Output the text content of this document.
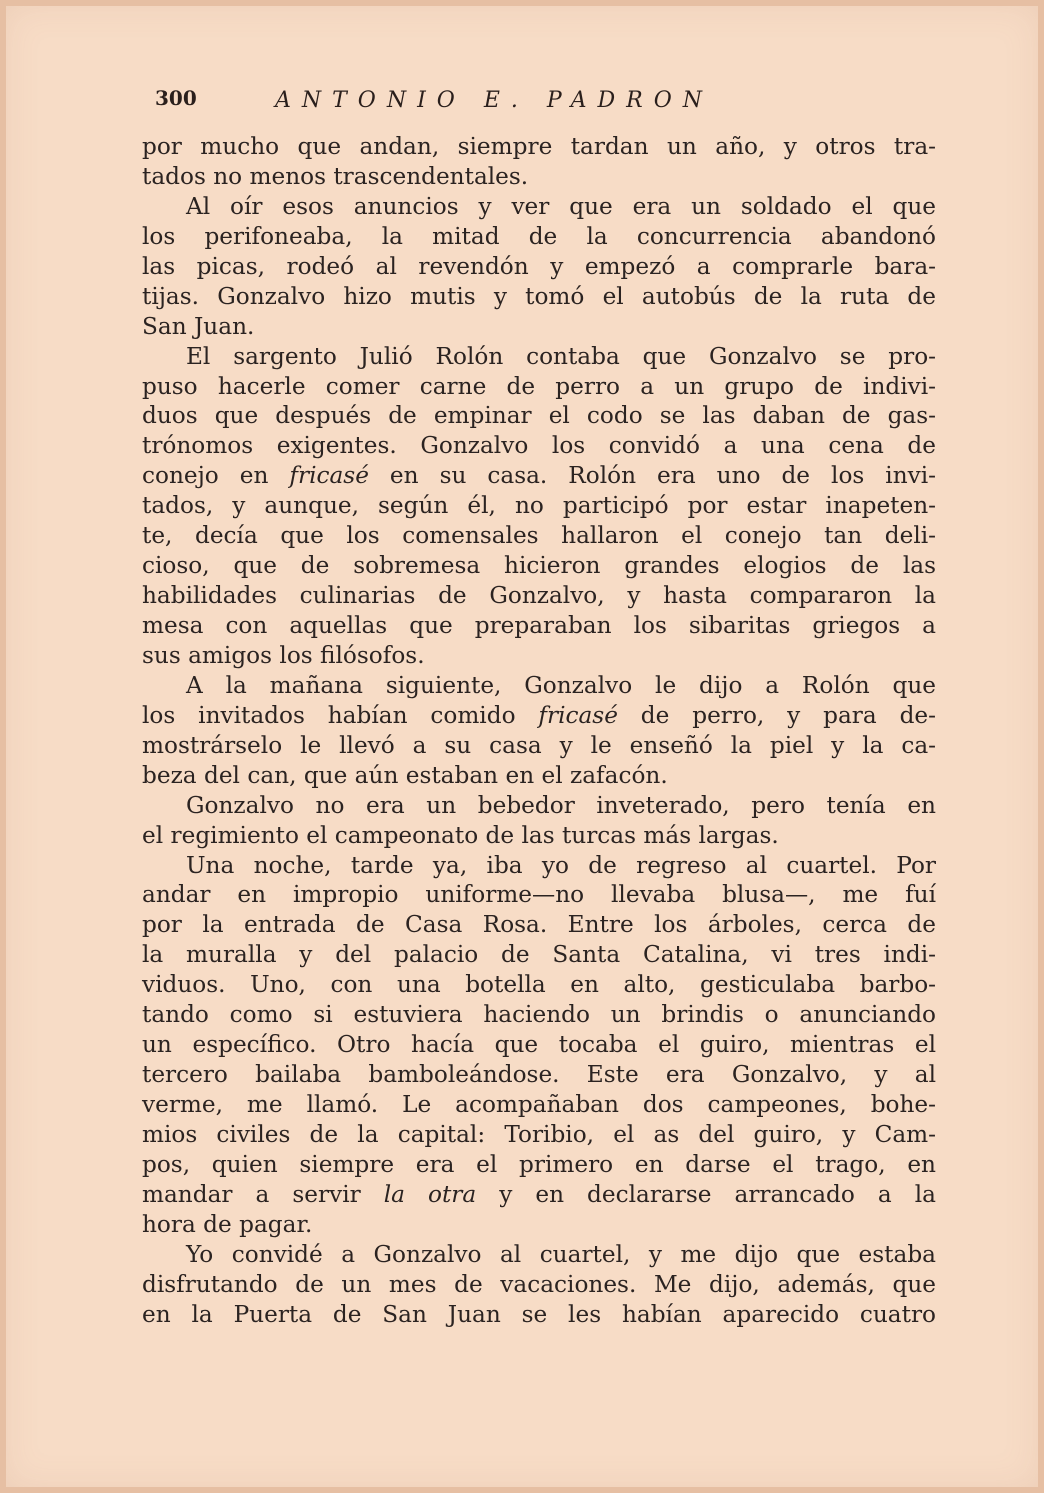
300	ANTONIO E. PADRON
por mucho que andan, siempre tardan un año, y otros tra-
tados no menos trascendentales.
Al oír esos anuncios y ver que era un soldado el que
los perifoneaba, la mitad de la concurrencia abandonó
las picas, rodeó al revendón y empezó a comprarle bara-
tijas. Gonzalvo hizo mutis y tomó el autobús de la ruta de
San Juan.
El sargento Julió Rolón contaba que Gonzalvo se pro-
puso hacerle comer carne de perro a un grupo de indivi-
duos que después de empinar el codo se las daban de gas-
trónomos exigentes. Gonzalvo los convidó a una cena de
conejo en fricasé en su casa. Rolón era uno de los invi-
tados, y aunque, según él, no participó por estar inapeten-
te, decía que los comensales hallaron el conejo tan deli-
cioso, que de sobremesa hicieron grandes elogios de las
habilidades culinarias de Gonzalvo, y hasta compararon la
mesa con aquellas que preparaban los sibaritas griegos a
sus amigos los filósofos.
A la mañana siguiente, Gonzalvo le dijo a Rolón que
los invitados habían comido fricasé de perro, y para de-
mostrárselo le llevó a su casa y le enseñó la piel y la ca-
beza del can, que aún estaban en el zafacón.
Gonzalvo no era un bebedor inveterado, pero tenía en
el regimiento el campeonato de las turcas más largas.
Una noche, tarde ya, iba yo de regreso al cuartel. Por
andar en impropio uniforme—no llevaba blusa—, me fuí
por la entrada de Casa Rosa. Entre los árboles, cerca de
la muralla y del palacio de Santa Catalina, vi tres indi-
viduos. Uno, con una botella en alto, gesticulaba barbo-
tando como si estuviera haciendo un brindis o anunciando
un específico. Otro hacía que tocaba el guiro, mientras el
tercero bailaba bamboleándose. Este era Gonzalvo, y al
verme, me llamó. Le acompañaban dos campeones, bohe-
mios civiles de la capital: Toribio, el as del guiro, y Cam-
pos, quien siempre era el primero en darse el trago, en
mandar a servir la otra y en declararse arrancado a la
hora de pagar.
Yo convidé a Gonzalvo al cuartel, y me dijo que estaba
disfrutando de un mes de vacaciones. Me dijo, además, que
en la Puerta de San Juan se les habían aparecido cuatro
